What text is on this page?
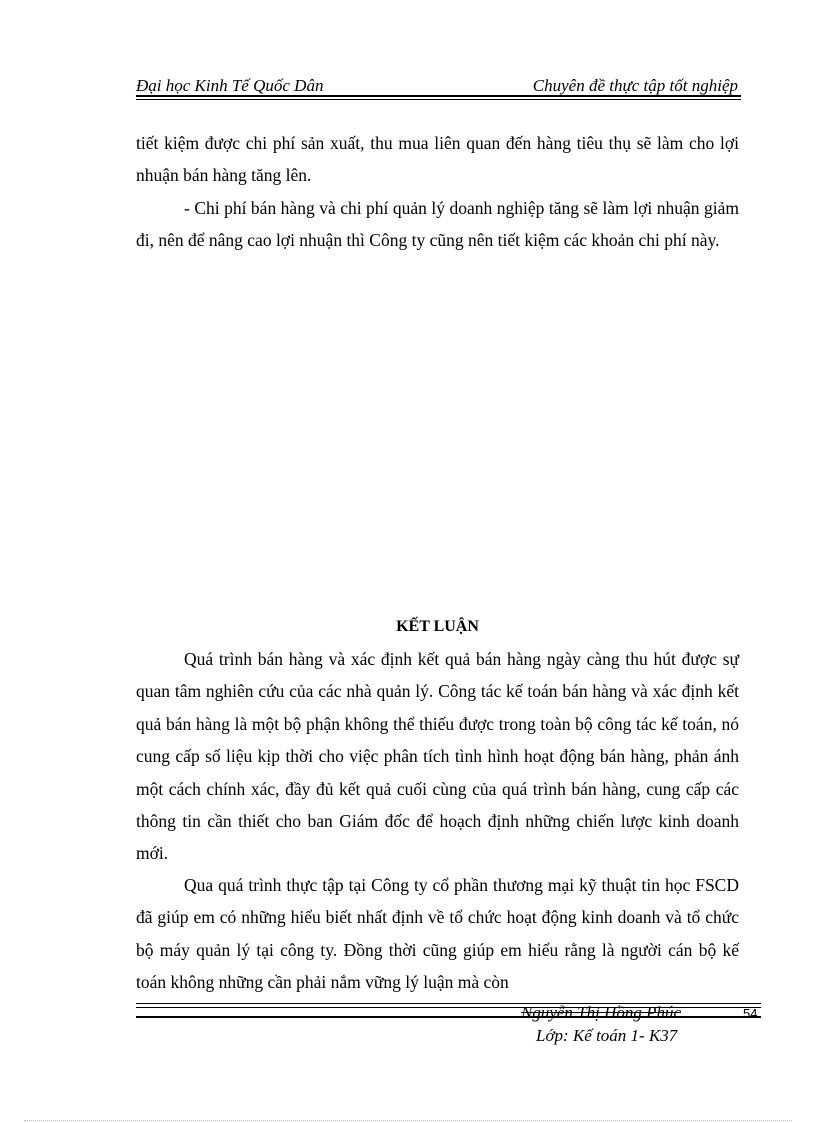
Đại học Kinh Tế Quốc Dân	Chuyên đề thực tập tốt nghiệp

tiết kiệm được chi phí sản xuất, thu mua liên quan đến hàng tiêu thụ sẽ làm cho lợi nhuận bán hàng tăng lên.

- Chi phí bán hàng và chi phí quản lý doanh nghiệp tăng sẽ làm lợi nhuận giảm đi, nên để nâng cao lợi nhuận thì Công ty cũng nên tiết kiệm các khoản chi phí này.

KẾT LUẬN

Quá trình bán hàng và xác định kết quả bán hàng ngày càng thu hút được sự quan tâm nghiên cứu của các nhà quản lý. Công tác kế toán bán hàng và xác định kết quả bán hàng là một bộ phận không thể thiếu được trong toàn bộ công tác kế toán, nó cung cấp số liệu kịp thời cho việc phân tích tình hình hoạt động bán hàng, phản ánh một cách chính xác, đầy đủ kết quả cuối cùng của quá trình bán hàng, cung cấp các thông tin cần thiết cho ban Giám đốc để hoạch định những chiến lược kinh doanh mới.

Qua quá trình thực tập tại Công ty cổ phần thương mại kỹ thuật tin học FSCD đã giúp em có những hiểu biết nhất định về tổ chức hoạt động kinh doanh và tổ chức bộ máy quản lý tại công ty. Đồng thời cũng giúp em hiểu rằng là người cán bộ kế toán không những cần phải nắm vững lý luận mà còn

Nguyễn Thị Hồng Phúc	54
Lớp: Kế toán 1- K37
